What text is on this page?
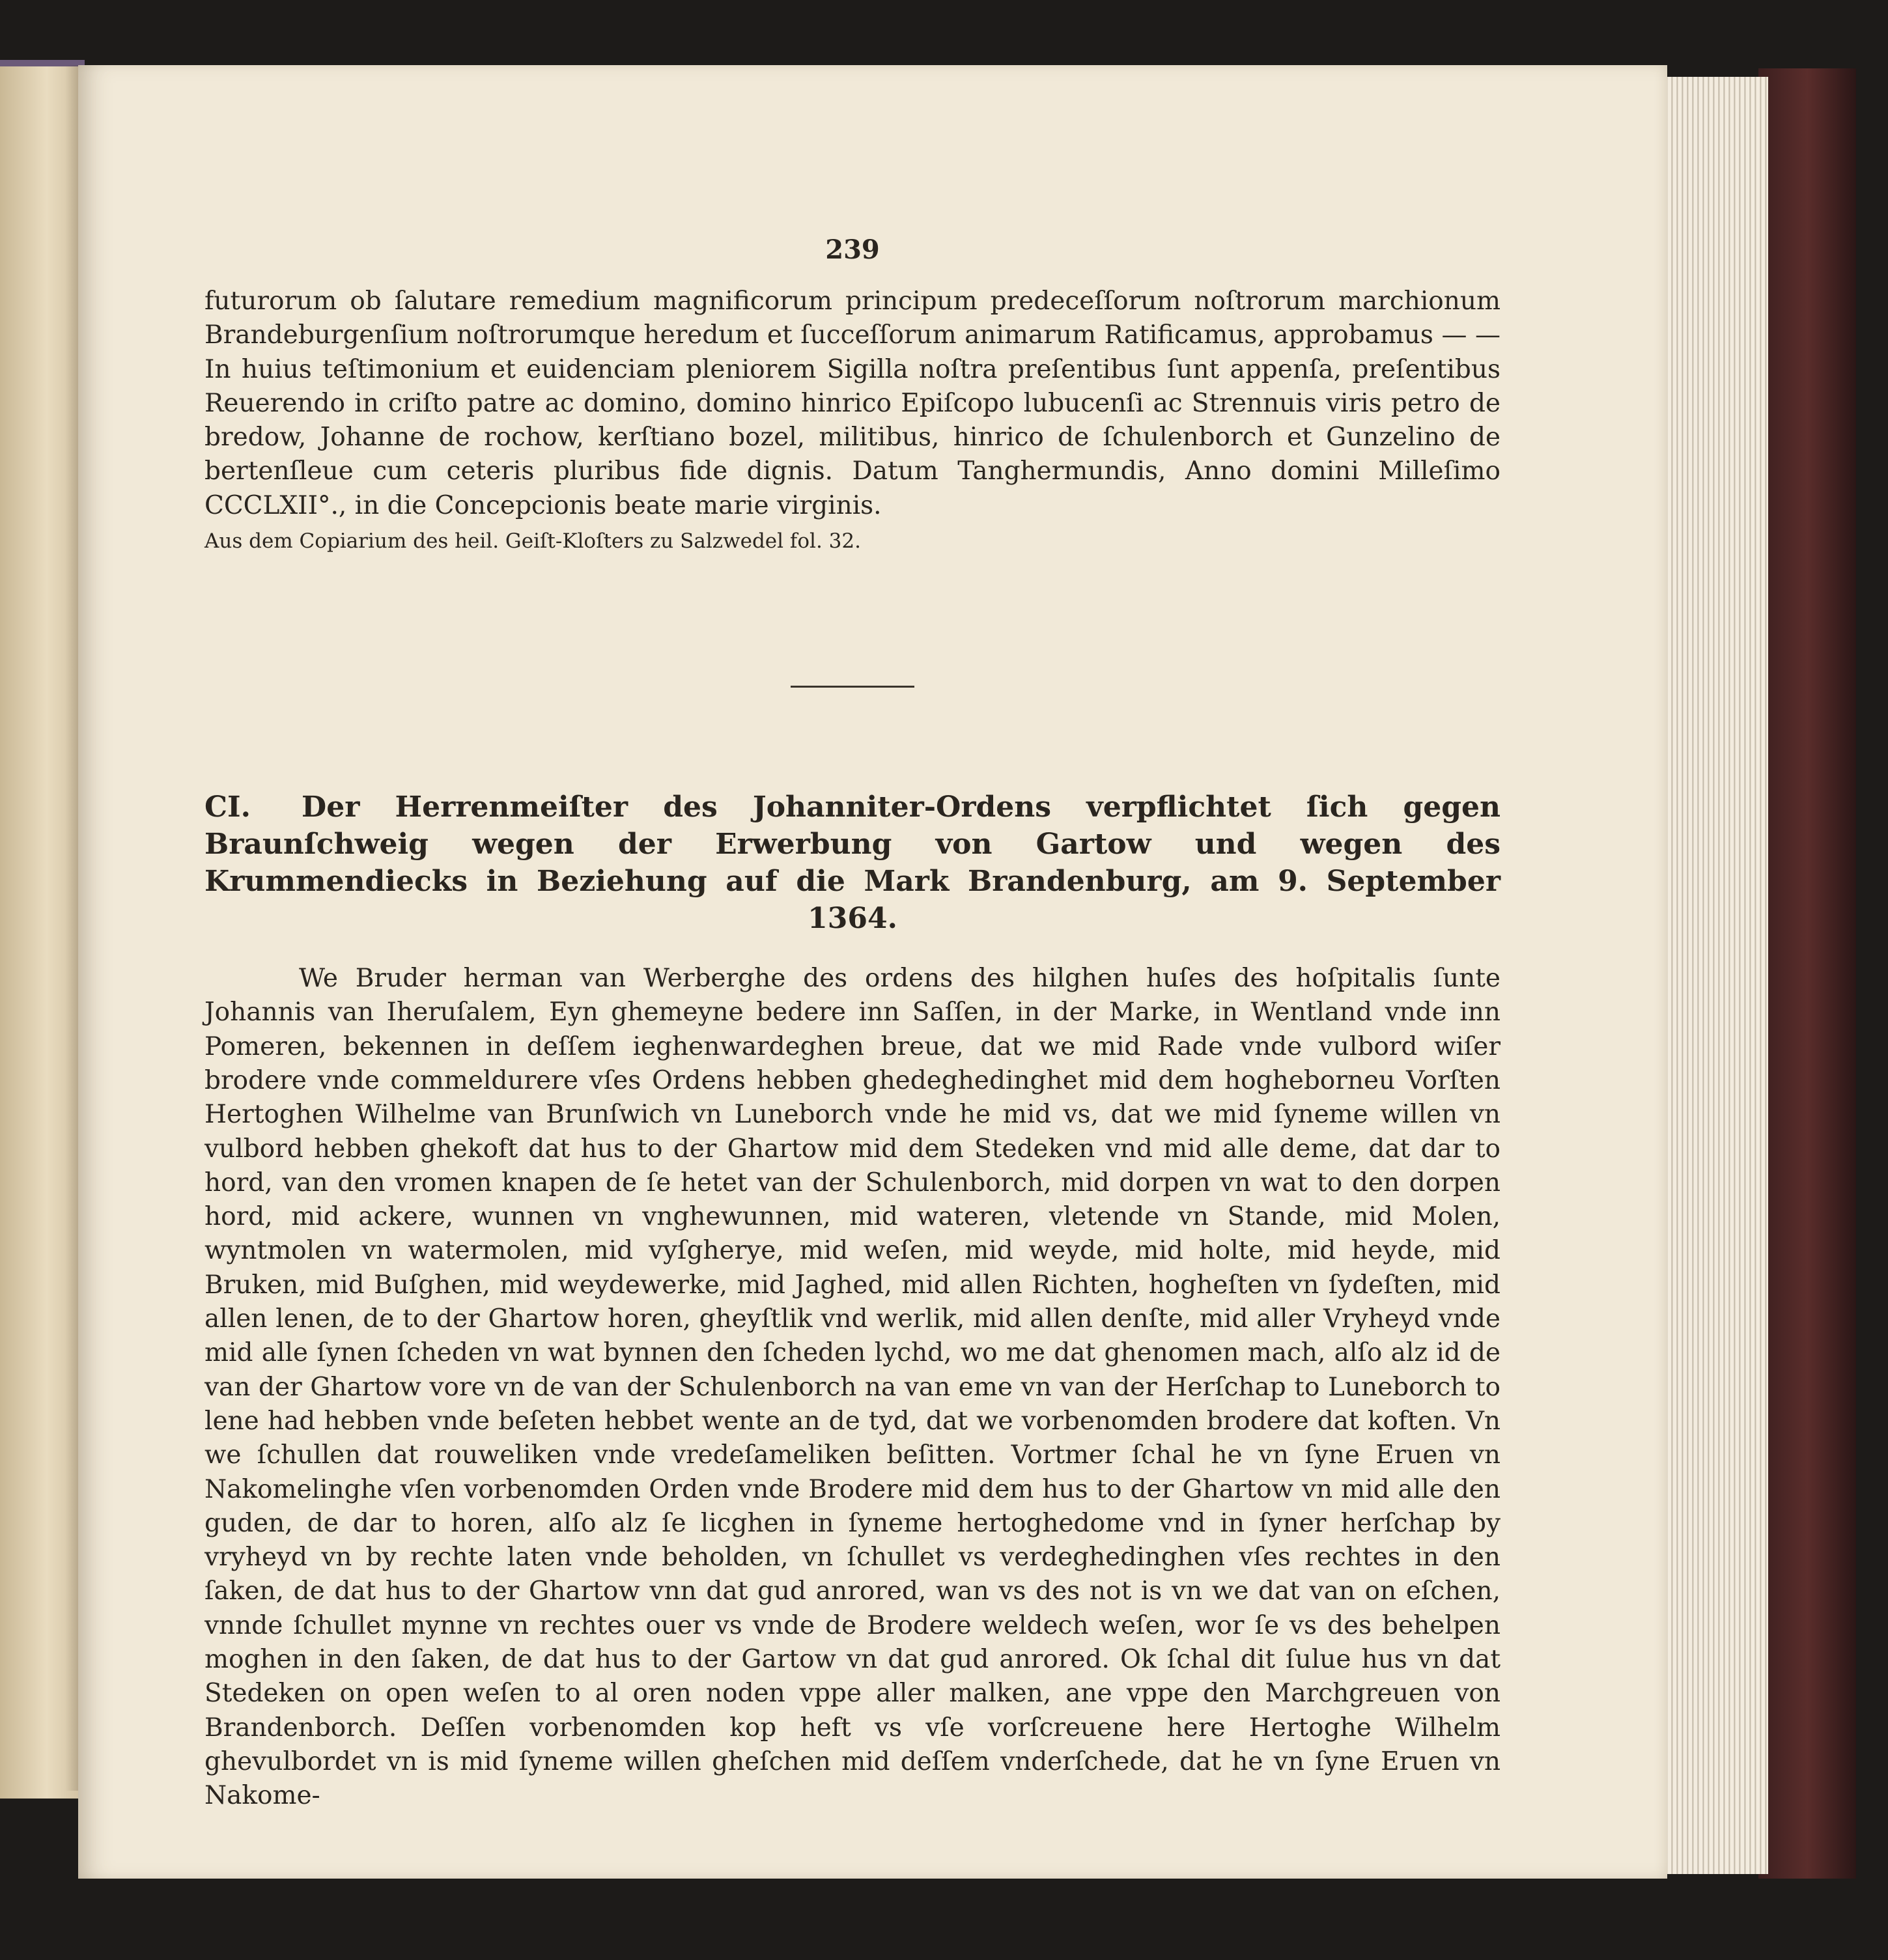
239

futurorum ob ſalutare remedium magnificorum principum predeceſſorum noſtrorum marchionum Brandeburgenſium noſtrorumque heredum et ſucceſſorum animarum Ratificamus, approbamus — — In huius teſtimonium et euidenciam pleniorem Sigilla noſtra preſentibus ſunt appenſa, preſentibus Reuerendo in criſto patre ac domino, domino hinrico Epiſcopo lubucenſi ac Strennuis viris petro de bredow, Johanne de rochow, kerſtiano bozel, militibus, hinrico de ſchulenborch et Gunzelino de bertenſleue cum ceteris pluribus fide dignis. Datum Tanghermundis, Anno domini Milleſimo CCCLXII°., in die Concepcionis beate marie virginis.

Aus dem Copiarium des heil. Geiſt-Kloſters zu Salzwedel fol. 32.

CI. Der Herrenmeiſter des Johanniter-Ordens verpflichtet ſich gegen Braunſchweig wegen der Erwerbung von Gartow und wegen des Krummendiecks in Beziehung auf die Mark Brandenburg, am 9. September 1364.

We Bruder herman van Werberghe des ordens des hilghen huſes des hoſpitalis ſunte Johannis van Iheruſalem, Eyn ghemeyne bedere inn Saſſen, in der Marke, in Wentland vnde inn Pomeren, bekennen in deſſem ieghenwardeghen breue, dat we mid Rade vnde vulbord wiſer brodere vnde commeldurere vſes Ordens hebben ghedeghedinghet mid dem hogheborneu Vorſten Hertoghen Wilhelme van Brunſwich vn Luneborch vnde he mid vs, dat we mid ſyneme willen vn vulbord hebben ghekoft dat hus to der Ghartow mid dem Stedeken vnd mid alle deme, dat dar to hord, van den vromen knapen de ſe hetet van der Schulenborch, mid dorpen vn wat to den dorpen hord, mid ackere, wunnen vn vnghewunnen, mid wateren, vletende vn Stande, mid Molen, wyntmolen vn watermolen, mid vyſgherye, mid weſen, mid weyde, mid holte, mid heyde, mid Bruken, mid Buſghen, mid weydewerke, mid Jaghed, mid allen Richten, hogheſten vn ſydeſten, mid allen lenen, de to der Ghartow horen, gheyſtlik vnd werlik, mid allen denſte, mid aller Vryheyd vnde mid alle ſynen ſcheden vn wat bynnen den ſcheden lychd, wo me dat ghenomen mach, alſo alz id de van der Ghartow vore vn de van der Schulenborch na van eme vn van der Herſchap to Luneborch to lene had hebben vnde beſeten hebbet wente an de tyd, dat we vorbenomden brodere dat koften. Vn we ſchullen dat rouweliken vnde vredeſameliken beſitten. Vortmer ſchal he vn ſyne Eruen vn Nakomelinghe vſen vorbenomden Orden vnde Brodere mid dem hus to der Ghartow vn mid alle den guden, de dar to horen, alſo alz ſe licghen in ſyneme hertoghedome vnd in ſyner herſchap by vryheyd vn by rechte laten vnde beholden, vn ſchullet vs verdeghedinghen vſes rechtes in den ſaken, de dat hus to der Ghartow vnn dat gud anrored, wan vs des not is vn we dat van on eſchen, vnnde ſchullet mynne vn rechtes ouer vs vnde de Brodere weldech weſen, wor ſe vs des behelpen moghen in den ſaken, de dat hus to der Gartow vn dat gud anrored. Ok ſchal dit ſulue hus vn dat Stedeken on open weſen to al oren noden vppe aller malken, ane vppe den Marchgreuen von Brandenborch. Deſſen vorbenomden kop heft vs vſe vorſcreuene here Hertoghe Wilhelm ghevulbordet vn is mid ſyneme willen gheſchen mid deſſem vnderſchede, dat he vn ſyne Eruen vn Nakome-
